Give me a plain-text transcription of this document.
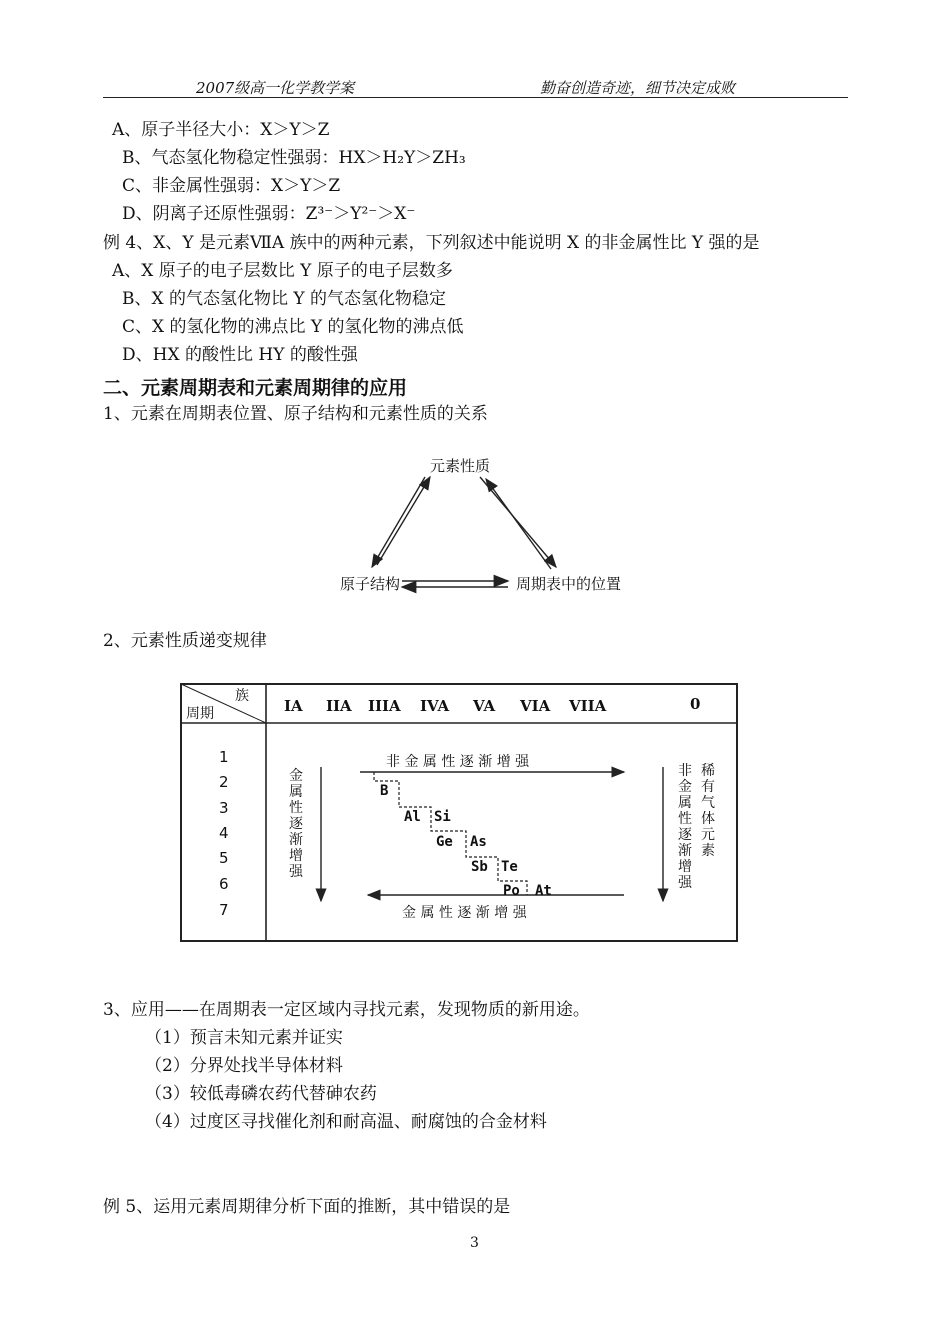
2007级高一化学教学案	勤奋创造奇迹，细节决定成败
A、原子半径大小：X＞Y＞Z
B、气态氢化物稳定性强弱：HX＞H₂Y＞ZH₃
C、非金属性强弱：X＞Y＞Z
D、阴离子还原性强弱：Z³⁻＞Y²⁻＞X⁻
例 4、X、Y 是元素ⅦA 族中的两种元素，下列叙述中能说明 X 的非金属性比 Y 强的是
A、X 原子的电子层数比 Y 原子的电子层数多
B、X 的气态氢化物比 Y 的气态氢化物稳定
C、X 的氢化物的沸点比 Y 的氢化物的沸点低
D、HX 的酸性比 HY 的酸性强
二、元素周期表和元素周期律的应用
1、元素在周期表位置、原子结构和元素性质的关系
元素性质
原子结构	周期表中的位置
2、元素性质递变规律
族
周期	IA IIA IIIA IVA VA VIA VIIA	0
1
2
3
4
5
6
7
非 金 属 性 逐 渐 增 强
金 属 性 逐 渐 增 强
金属性逐渐增强
非金属性逐渐增强
稀有气体元素
B
Al Si
Ge As
Sb Te
Po At
3、应用——在周期表一定区域内寻找元素，发现物质的新用途。
（1）预言未知元素并证实
（2）分界处找半导体材料
（3）较低毒磷农药代替砷农药
（4）过度区寻找催化剂和耐高温、耐腐蚀的合金材料
例 5、运用元素周期律分析下面的推断，其中错误的是
3
